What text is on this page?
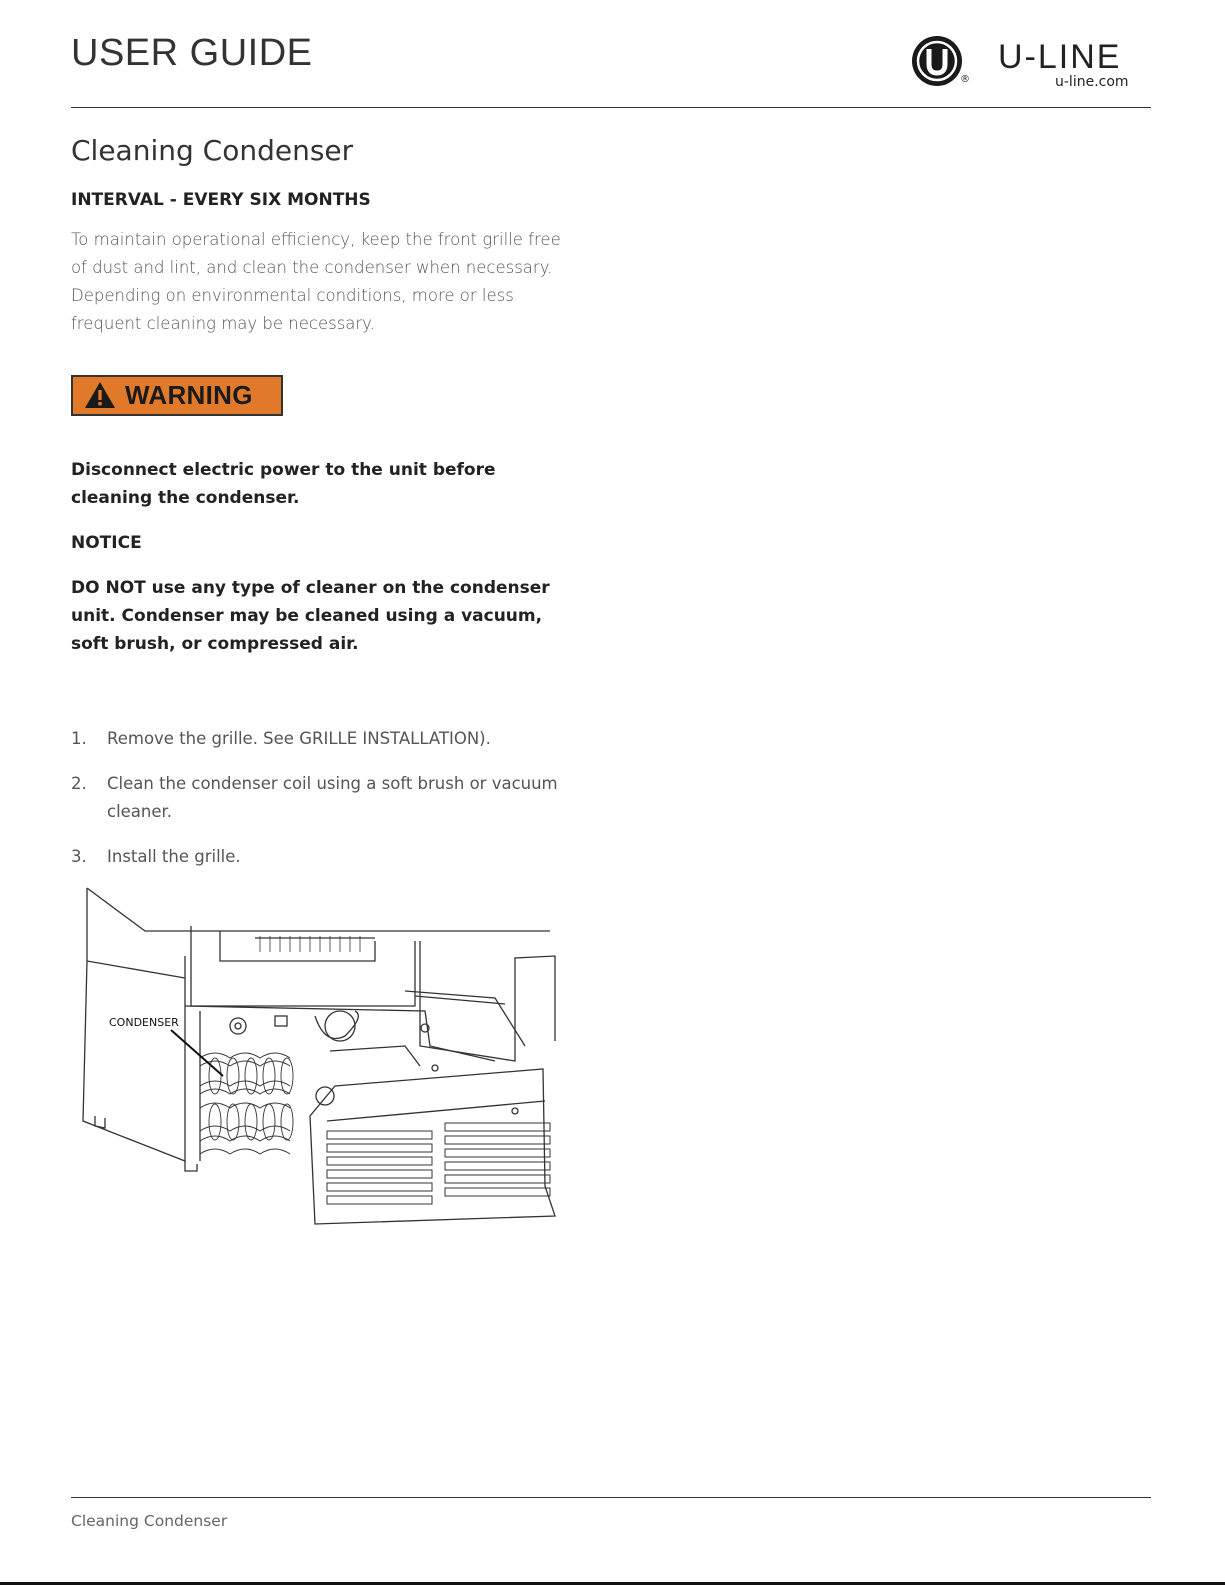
USER GUIDE
®
U-LINE
u-line.com
Cleaning Condenser

INTERVAL - EVERY SIX MONTHS

To maintain operational efficiency, keep the front grille free of dust and lint, and clean the condenser when necessary. Depending on environmental conditions, more or less frequent cleaning may be necessary.

WARNING

Disconnect electric power to the unit before cleaning the condenser.

NOTICE

DO NOT use any type of cleaner on the condenser unit. Condenser may be cleaned using a vacuum, soft brush, or compressed air.

1.	Remove the grille. See GRILLE INSTALLATION).
2.	Clean the condenser coil using a soft brush or vacuum cleaner.
3.	Install the grille.
CONDENSER
Cleaning Condenser
